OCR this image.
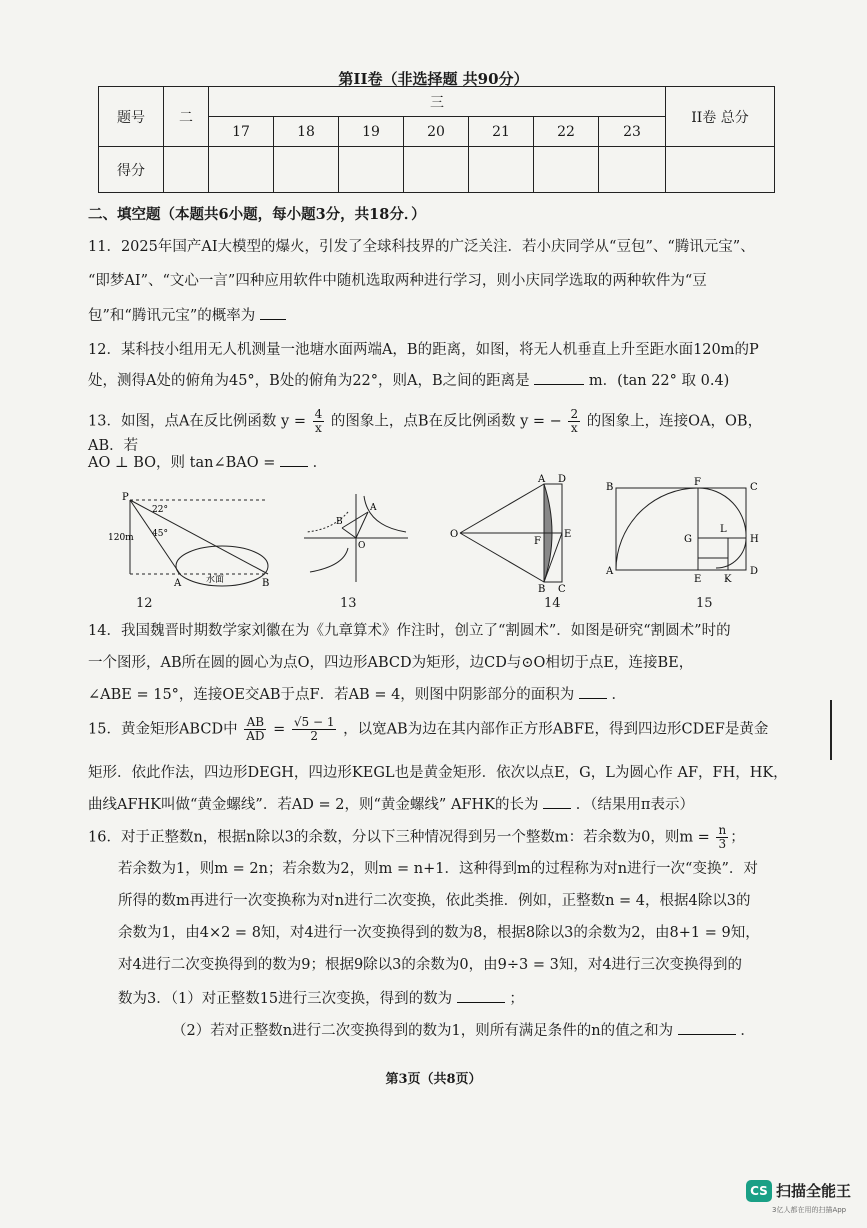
第II卷（非选择题 共90分）
题号	二	三							II卷 总分
		17	18	19	20	21	22	23	
得分									
二、填空题（本题共6小题，每小题3分，共18分．）
11．2025年国产AI大模型的爆火，引发了全球科技界的广泛关注．若小庆同学从“豆包”、“腾讯元宝”、
“即梦AI”、“文心一言”四种应用软件中随机选取两种进行学习，则小庆同学选取的两种软件为“豆
包”和“腾讯元宝”的概率为
12．某科技小组用无人机测量一池塘水面两端A，B的距离，如图，将无人机垂直上升至距水面120m的P
处，测得A处的俯角为45°，B处的俯角为22°，则A，B之间的距离是	m．(tan 22° 取 0.4)
13．如图，点A在反比例函数 $y = \frac{4}{x}$ 的图象上，点B在反比例函数 y = − $\frac{2}{x}$ 的图象上，连接OA，OB，AB．若
AO ⊥ BO，则 tan∠BAO =	．
P
A	B
120m
22°
45°
水面
12
A
B
O
13
A D
B C
O
F
E
14
B	C
A	D
E
F
G	H
K
L
15
14．我国魏晋时期数学家刘徽在为《九章算术》作注时，创立了“割圆术”．如图是研究“割圆术”时的
一个图形，AB所在圆的圆心为点O，四边形ABCD为矩形，边CD与⊙O相切于点E，连接BE，
∠ABE = 15°，连接OE交AB于点F．若AB = 4，则图中阴影部分的面积为	．
15．黄金矩形ABCD中 $\frac{AB}{AD} = \frac{√5 - 1}{2}$ ，以宽AB为边在其内部作正方形ABFE，得到四边形CDEF是黄金
矩形．依此作法，四边形DEGH，四边形KEGL也是黄金矩形．依次以点E，G，L为圆心作 AF，FH，HK，
曲线AFHK叫做“黄金螺线”．若AD = 2，则“黄金螺线” AFHK的长为	．（结果用π表示）
16．对于正整数n，根据n除以3的余数，分以下三种情况得到另一个整数m：若余数为0，则$m = \frac{n}{3}$ ；
若余数为1，则m = 2n；若余数为2，则m = n+1．这种得到m的过程称为对n进行一次“变换”．对
所得的数m再进行一次变换称为对n进行二次变换，依此类推．例如，正整数n = 4，根据4除以3的
余数为1，由4×2 = 8知，对4进行一次变换得到的数为8，根据8除以3的余数为2，由8+1 = 9知，
对4进行二次变换得到的数为9；根据9除以3的余数为0，由9÷3 = 3知，对4进行三次变换得到的
数为3．（1）对正整数15进行三次变换，得到的数为	；
（2）若对正整数n进行二次变换得到的数为1，则所有满足条件的n的值之和为	．
第3页（共8页）
CS 扫描全能王
3亿人都在用的扫描App
